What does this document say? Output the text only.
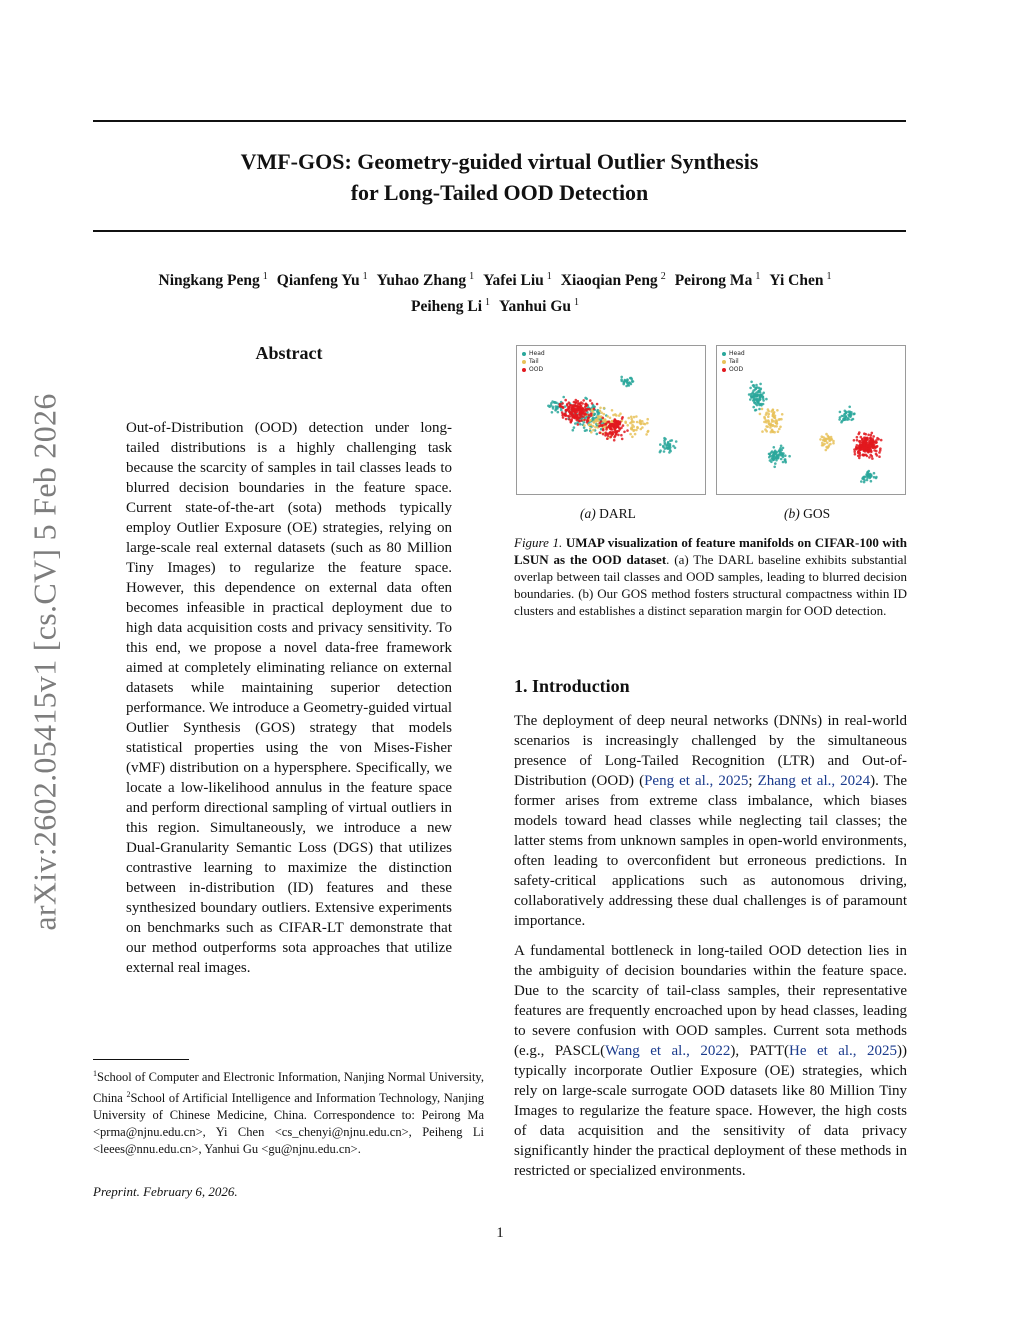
arXiv:2602.05415v1 [cs.CV] 5 Feb 2026
VMF-GOS: Geometry-guided virtual Outlier Synthesis
for Long-Tailed OOD Detection
Ningkang Peng $^1$ Qianfeng Yu $^1$ Yuhao Zhang $^1$ Yafei Liu $^1$ Xiaoqian Peng $^2$ Peirong Ma $^1$ Yi Chen $^1$
Peiheng Li $^1$ Yanhui Gu $^1$
Abstract
Out-of-Distribution (OOD) detection under long-tailed distributions is a highly challenging task because the scarcity of samples in tail classes leads to blurred decision boundaries in the feature space. Current state-of-the-art (sota) methods typically employ Outlier Exposure (OE) strategies, relying on large-scale real external datasets (such as 80 Million Tiny Images) to regularize the feature space. However, this dependence on external data often becomes infeasible in practical deployment due to high data acquisition costs and privacy sensitivity. To this end, we propose a novel data-free framework aimed at completely eliminating reliance on external datasets while maintaining superior detection performance. We introduce a Geometry-guided virtual Outlier Synthesis (GOS) strategy that models statistical properties using the von Mises-Fisher (vMF) distribution on a hypersphere. Specifically, we locate a low-likelihood annulus in the feature space and perform directional sampling of virtual outliers in this region. Simultaneously, we introduce a new Dual-Granularity Semantic Loss (DGS) that utilizes contrastive learning to maximize the distinction between in-distribution (ID) features and these synthesized boundary outliers. Extensive experiments on benchmarks such as CIFAR-LT demonstrate that our method outperforms sota approaches that utilize external real images.
$^1$School of Computer and Electronic Information, Nanjing Normal University, China $^2$School of Artificial Intelligence and Information Technology, Nanjing University of Chinese Medicine, China. Correspondence to: Peirong Ma <prma@njnu.edu.cn>, Yi Chen <cs_chenyi@njnu.edu.cn>, Peiheng Li <leees@nnu.edu.cn>, Yanhui Gu <gu@njnu.edu.cn>.
Preprint. February 6, 2026.
1
Head
Tail
OOD
Head
Tail
OOD
(a) DARL	(b) GOS
Figure 1. UMAP visualization of feature manifolds on CIFAR-100 with LSUN as the OOD dataset. (a) The DARL baseline exhibits substantial overlap between tail classes and OOD samples, leading to blurred decision boundaries. (b) Our GOS method fosters structural compactness within ID clusters and establishes a distinct separation margin for OOD detection.
1. Introduction
The deployment of deep neural networks (DNNs) in real-world scenarios is increasingly challenged by the simultaneous presence of Long-Tailed Recognition (LTR) and Out-of-Distribution (OOD) (Peng et al., 2025; Zhang et al., 2024). The former arises from extreme class imbalance, which biases models toward head classes while neglecting tail classes; the latter stems from unknown samples in open-world environments, often leading to overconfident but erroneous predictions. In safety-critical applications such as autonomous driving, collaboratively addressing these dual challenges is of paramount importance.
A fundamental bottleneck in long-tailed OOD detection lies in the ambiguity of decision boundaries within the feature space. Due to the scarcity of tail-class samples, their representative features are frequently encroached upon by head classes, leading to severe confusion with OOD samples. Current sota methods (e.g., PASCL(Wang et al., 2022), PATT(He et al., 2025)) typically incorporate Outlier Exposure (OE) strategies, which rely on large-scale surrogate OOD datasets like 80 Million Tiny Images to regularize the feature space. However, the high costs of data acquisition and the sensitivity of data privacy significantly hinder the practical deployment of these methods in restricted or specialized environments.
